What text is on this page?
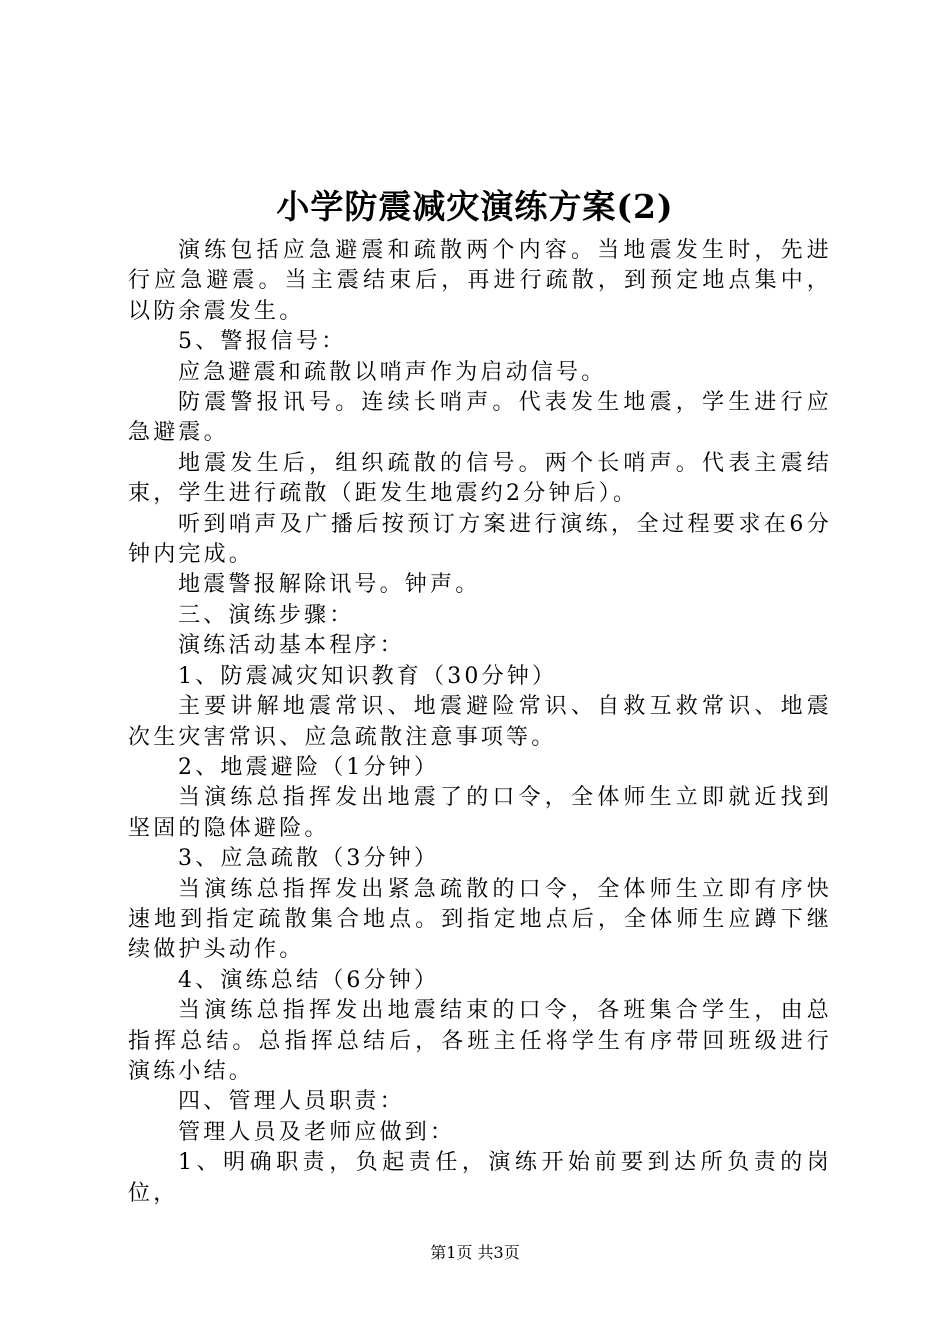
小学防震减灾演练方案(2)

演练包括应急避震和疏散两个内容。当地震发生时，先进行应急避震。当主震结束后，再进行疏散，到预定地点集中，以防余震发生。

5、警报信号：

应急避震和疏散以哨声作为启动信号。

防震警报讯号。连续长哨声。代表发生地震，学生进行应急避震。

地震发生后，组织疏散的信号。两个长哨声。代表主震结束，学生进行疏散（距发生地震约2分钟后）。

听到哨声及广播后按预订方案进行演练，全过程要求在6分钟内完成。

地震警报解除讯号。钟声。

三、演练步骤：

演练活动基本程序：

1、防震减灾知识教育（30分钟）

主要讲解地震常识、地震避险常识、自救互救常识、地震次生灾害常识、应急疏散注意事项等。

2、地震避险（1分钟）

当演练总指挥发出地震了的口令，全体师生立即就近找到坚固的隐体避险。

3、应急疏散（3分钟）

当演练总指挥发出紧急疏散的口令，全体师生立即有序快速地到指定疏散集合地点。到指定地点后，全体师生应蹲下继续做护头动作。

4、演练总结（6分钟）

当演练总指挥发出地震结束的口令，各班集合学生，由总指挥总结。总指挥总结后，各班主任将学生有序带回班级进行演练小结。

四、管理人员职责：

管理人员及老师应做到：

1、明确职责，负起责任，演练开始前要到达所负责的岗位，

第1页 共3页
